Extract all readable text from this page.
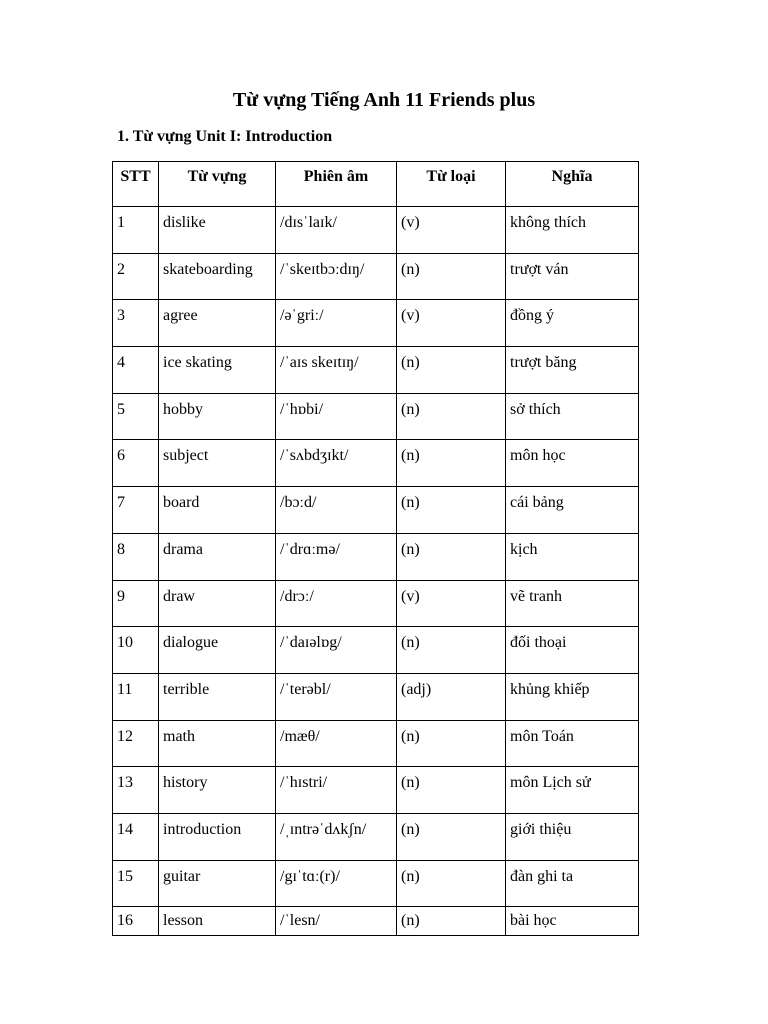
Từ vựng Tiếng Anh 11 Friends plus
1. Từ vựng Unit I: Introduction
STT	Từ vựng	Phiên âm	Từ loại	Nghĩa
1	dislike	/dɪsˈlaɪk/	(v)	không thích
2	skateboarding	/ˈskeɪtbɔːdɪŋ/	(n)	trượt ván
3	agree	/əˈgriː/	(v)	đồng ý
4	ice skating	/ˈaɪs skeɪtɪŋ/	(n)	trượt băng
5	hobby	/ˈhɒbi/	(n)	sở thích
6	subject	/ˈsʌbdʒɪkt/	(n)	môn học
7	board	/bɔːd/	(n)	cái bảng
8	drama	/ˈdrɑːmə/	(n)	kịch
9	draw	/drɔː/	(v)	vẽ tranh
10	dialogue	/ˈdaɪəlɒg/	(n)	đối thoại
11	terrible	/ˈterəbl/	(adj)	khủng khiếp
12	math	/mæθ/	(n)	môn Toán
13	history	/ˈhɪstri/	(n)	môn Lịch sử
14	introduction	/ˌɪntrəˈdʌkʃn/	(n)	giới thiệu
15	guitar	/gɪˈtɑː(r)/	(n)	đàn ghi ta
16	lesson	/ˈlesn/	(n)	bài học
